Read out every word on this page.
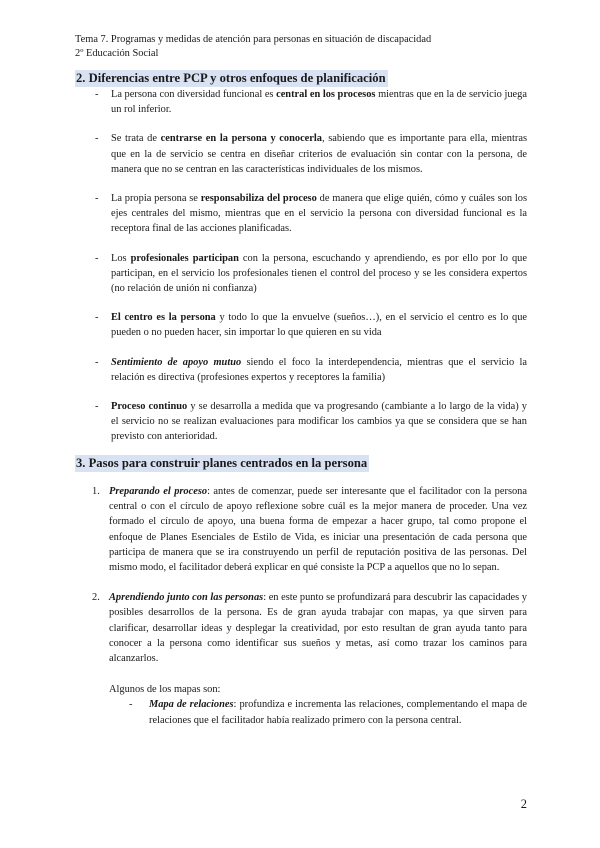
Tema 7. Programas y medidas de atención para personas en situación de discapacidad
2º Educación Social
2. Diferencias entre PCP y otros enfoques de planificación
- La persona con diversidad funcional es central en los procesos mientras que en la de servicio juega un rol inferior.
- Se trata de centrarse en la persona y conocerla, sabiendo que es importante para ella, mientras que en la de servicio se centra en diseñar criterios de evaluación sin contar con la persona, de manera que no se centran en las características individuales de los mismos.
- La propia persona se responsabiliza del proceso de manera que elige quién, cómo y cuáles son los ejes centrales del mismo, mientras que en el servicio la persona con diversidad funcional es la receptora final de las acciones planificadas.
- Los profesionales participan con la persona, escuchando y aprendiendo, es por ello por lo que participan, en el servicio los profesionales tienen el control del proceso y se les considera expertos (no relación de unión ni confianza)
- El centro es la persona y todo lo que la envuelve (sueños…), en el servicio el centro es lo que pueden o no pueden hacer, sin importar lo que quieren en su vida
- Sentimiento de apoyo mutuo siendo el foco la interdependencia, mientras que el servicio la relación es directiva (profesiones expertos y receptores la familia)
- Proceso continuo y se desarrolla a medida que va progresando (cambiante a lo largo de la vida) y el servicio no se realizan evaluaciones para modificar los cambios ya que se considera que se han previsto con anterioridad.
3. Pasos para construir planes centrados en la persona
1. Preparando el proceso: antes de comenzar, puede ser interesante que el facilitador con la persona central o con el círculo de apoyo reflexione sobre cuál es la mejor manera de proceder. Una vez formado el círculo de apoyo, una buena forma de empezar a hacer grupo, tal como propone el enfoque de Planes Esenciales de Estilo de Vida, es iniciar una presentación de cada persona que participa de manera que se ira construyendo un perfil de reputación positiva de las personas. Del mismo modo, el facilitador deberá explicar en qué consiste la PCP a aquellos que no lo sepan.
2. Aprendiendo junto con las personas: en este punto se profundizará para descubrir las capacidades y posibles desarrollos de la persona. Es de gran ayuda trabajar con mapas, ya que sirven para clarificar, desarrollar ideas y desplegar la creatividad, por esto resultan de gran ayuda tanto para conocer a la persona como identificar sus sueños y metas, así como trazar los caminos para alcanzarlos.
Algunos de los mapas son:
- Mapa de relaciones: profundiza e incrementa las relaciones, complementando el mapa de relaciones que el facilitador había realizado primero con la persona central.
2
